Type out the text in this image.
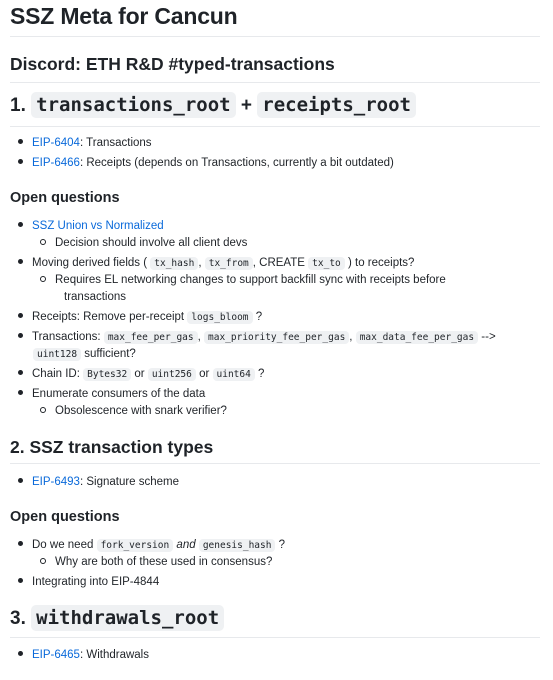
SSZ Meta for Cancun
Discord: ETH R&D #typed-transactions
1. transactions_root + receipts_root
EIP-6404: Transactions
EIP-6466: Receipts (depends on Transactions, currently a bit outdated)
Open questions
SSZ Union vs Normalized
Decision should involve all client devs
Moving derived fields ( tx_hash , tx_from , CREATE tx_to ) to receipts?
Requires EL networking changes to support backfill sync with receipts before
transactions
Receipts: Remove per-receipt logs_bloom ?
Transactions: max_fee_per_gas , max_priority_fee_per_gas , max_data_fee_per_gas -->
uint128 sufficient?
Chain ID: Bytes32 or uint256 or uint64 ?
Enumerate consumers of the data
Obsolescence with snark verifier?
2. SSZ transaction types
EIP-6493: Signature scheme
Open questions
Do we need fork_version and genesis_hash ?
Why are both of these used in consensus?
Integrating into EIP-4844
3. withdrawals_root
EIP-6465: Withdrawals
